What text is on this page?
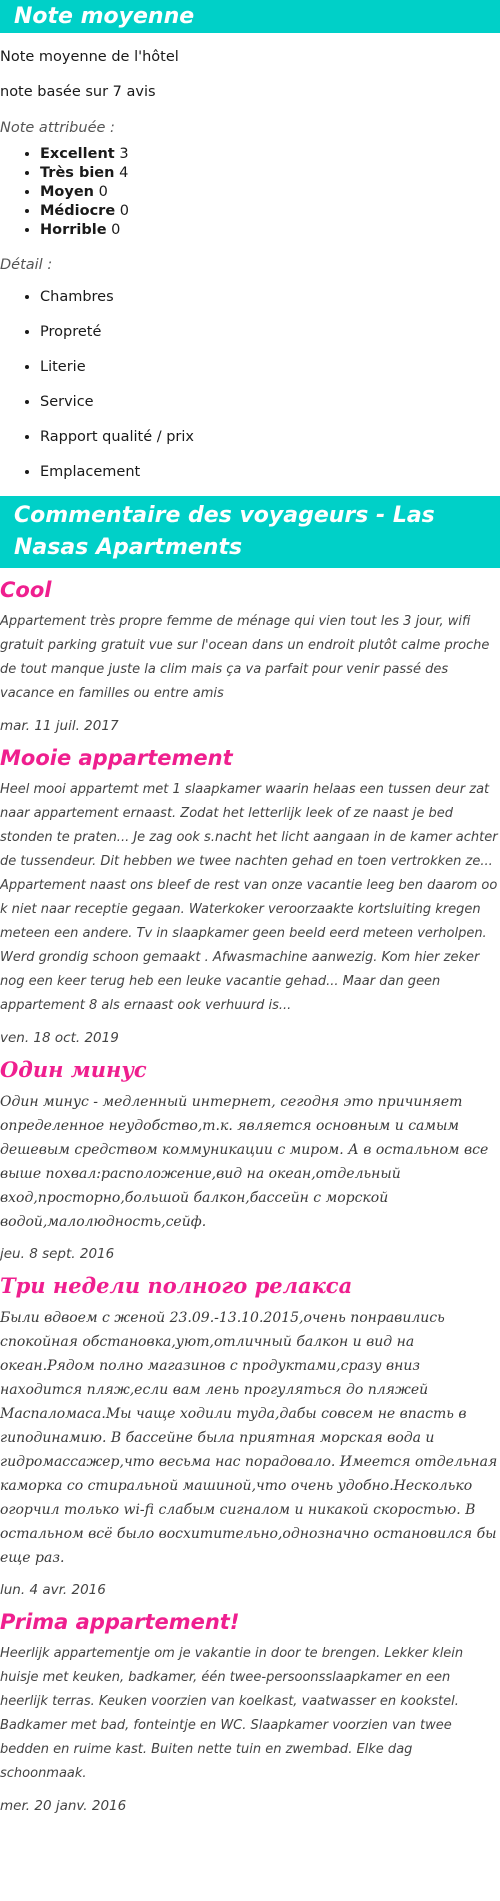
Note moyenne

Note moyenne de l'hôtel

note basée sur 7 avis

Note attribuée :

• Excellent 3
• Très bien 4
• Moyen 0
• Médiocre 0
• Horrible 0

Détail :

• Chambres
• Propreté
• Literie
• Service
• Rapport qualité / prix
• Emplacement
Commentaire des voyageurs - Las Nasas Apartments
Cool

Appartement très propre femme de ménage qui vien tout les 3 jour, wifi gratuit parking gratuit vue sur l'ocean dans un endroit plutôt calme proche de tout manque juste la clim mais ça va parfait pour venir passé des vacance en familles ou entre amis

mar. 11 juil. 2017

Mooie appartement

Heel mooi appartemt met 1 slaapkamer waarin helaas een tussen deur zat naar appartement ernaast. Zodat het letterlijk leek of ze naast je bed stonden te praten... Je zag ook s.nacht het licht aangaan in de kamer achter de tussendeur. Dit hebben we twee nachten gehad en toen vertrokken ze... Appartement naast ons bleef de rest van onze vacantie leeg ben daarom oo k niet naar receptie gegaan. Waterkoker veroorzaakte kortsluiting kregen meteen een andere. Tv in slaapkamer geen beeld eerd meteen verholpen. Werd grondig schoon gemaakt . Afwasmachine aanwezig. Kom hier zeker nog een keer terug heb een leuke vacantie gehad... Maar dan geen appartement 8 als ernaast ook verhuurd is...

ven. 18 oct. 2019

Один минус

Один минус - медленный интернет, сегодня это причиняет определенное неудобство,т.к. является основным и самым дешевым средством коммуникации с миром. А в остальном все выше похвал:расположение,вид на океан,отдельный вход,просторно,большой балкон,бассейн с морской водой,малолюдность,сейф.

jeu. 8 sept. 2016

Три недели полного релакса

Были вдвоем с женой 23.09.-13.10.2015,очень понравились спокойная обстановка,уют,отличный балкон и вид на океан.Рядом полно магазинов с продуктами,сразу вниз находится пляж,если вам лень прогуляться до пляжей Маспаломаса.Мы чаще ходили туда,дабы совсем не впасть в гиподинамию. В бассейне была приятная морская вода и гидромассажер,что весьма нас порадовало. Имеется отдельная каморка со стиральной машиной,что очень удобно.Несколько огорчил только wi-fi слабым сигналом и никакой скоростью. В остальном всё было восхитительно,однозначно остановился бы еще раз.

lun. 4 avr. 2016

Prima appartement!

Heerlijk appartementje om je vakantie in door te brengen. Lekker klein huisje met keuken, badkamer, één twee-persoonsslaapkamer en een heerlijk terras. Keuken voorzien van koelkast, vaatwasser en kookstel. Badkamer met bad, fonteintje en WC. Slaapkamer voorzien van twee bedden en ruime kast. Buiten nette tuin en zwembad. Elke dag schoonmaak.

mer. 20 janv. 2016
